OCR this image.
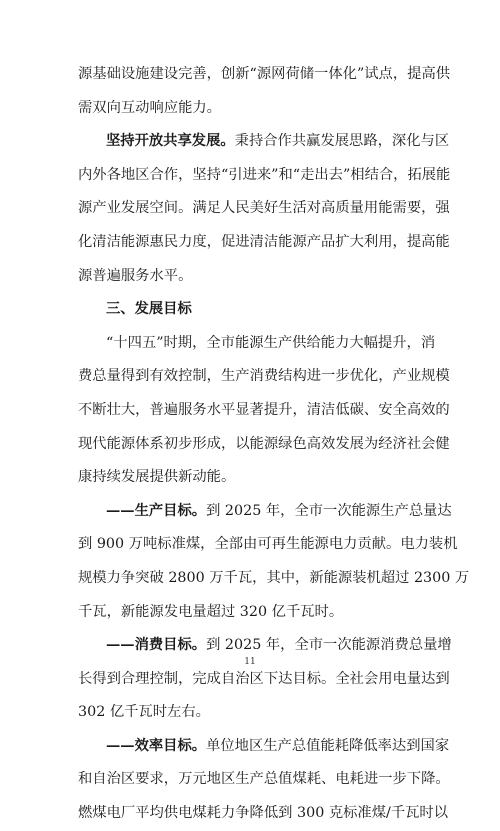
源基础设施建设完善，创新“源网荷储一体化”试点，提高供
需双向互动响应能力。
坚持开放共享发展。秉持合作共赢发展思路，深化与区
内外各地区合作，坚持“引进来”和“走出去”相结合，拓展能
源产业发展空间。满足人民美好生活对高质量用能需要，强
化清洁能源惠民力度，促进清洁能源产品扩大利用，提高能
源普遍服务水平。
三、发展目标
“十四五”时期，全市能源生产供给能力大幅提升，消
费总量得到有效控制，生产消费结构进一步优化，产业规模
不断壮大，普遍服务水平显著提升，清洁低碳、安全高效的
现代能源体系初步形成，以能源绿色高效发展为经济社会健
康持续发展提供新动能。
——生产目标。到 2025 年，全市一次能源生产总量达
到 900 万吨标准煤，全部由可再生能源电力贡献。电力装机
规模力争突破 2800 万千瓦，其中，新能源装机超过 2300 万
千瓦，新能源发电量超过 320 亿千瓦时。
——消费目标。到 2025 年，全市一次能源消费总量增
长得到合理控制，完成自治区下达目标。全社会用电量达到
302 亿千瓦时左右。
——效率目标。单位地区生产总值能耗降低率达到国家
和自治区要求，万元地区生产总值煤耗、电耗进一步下降。
燃煤电厂平均供电煤耗力争降低到 300 克标准煤/千瓦时以
11
